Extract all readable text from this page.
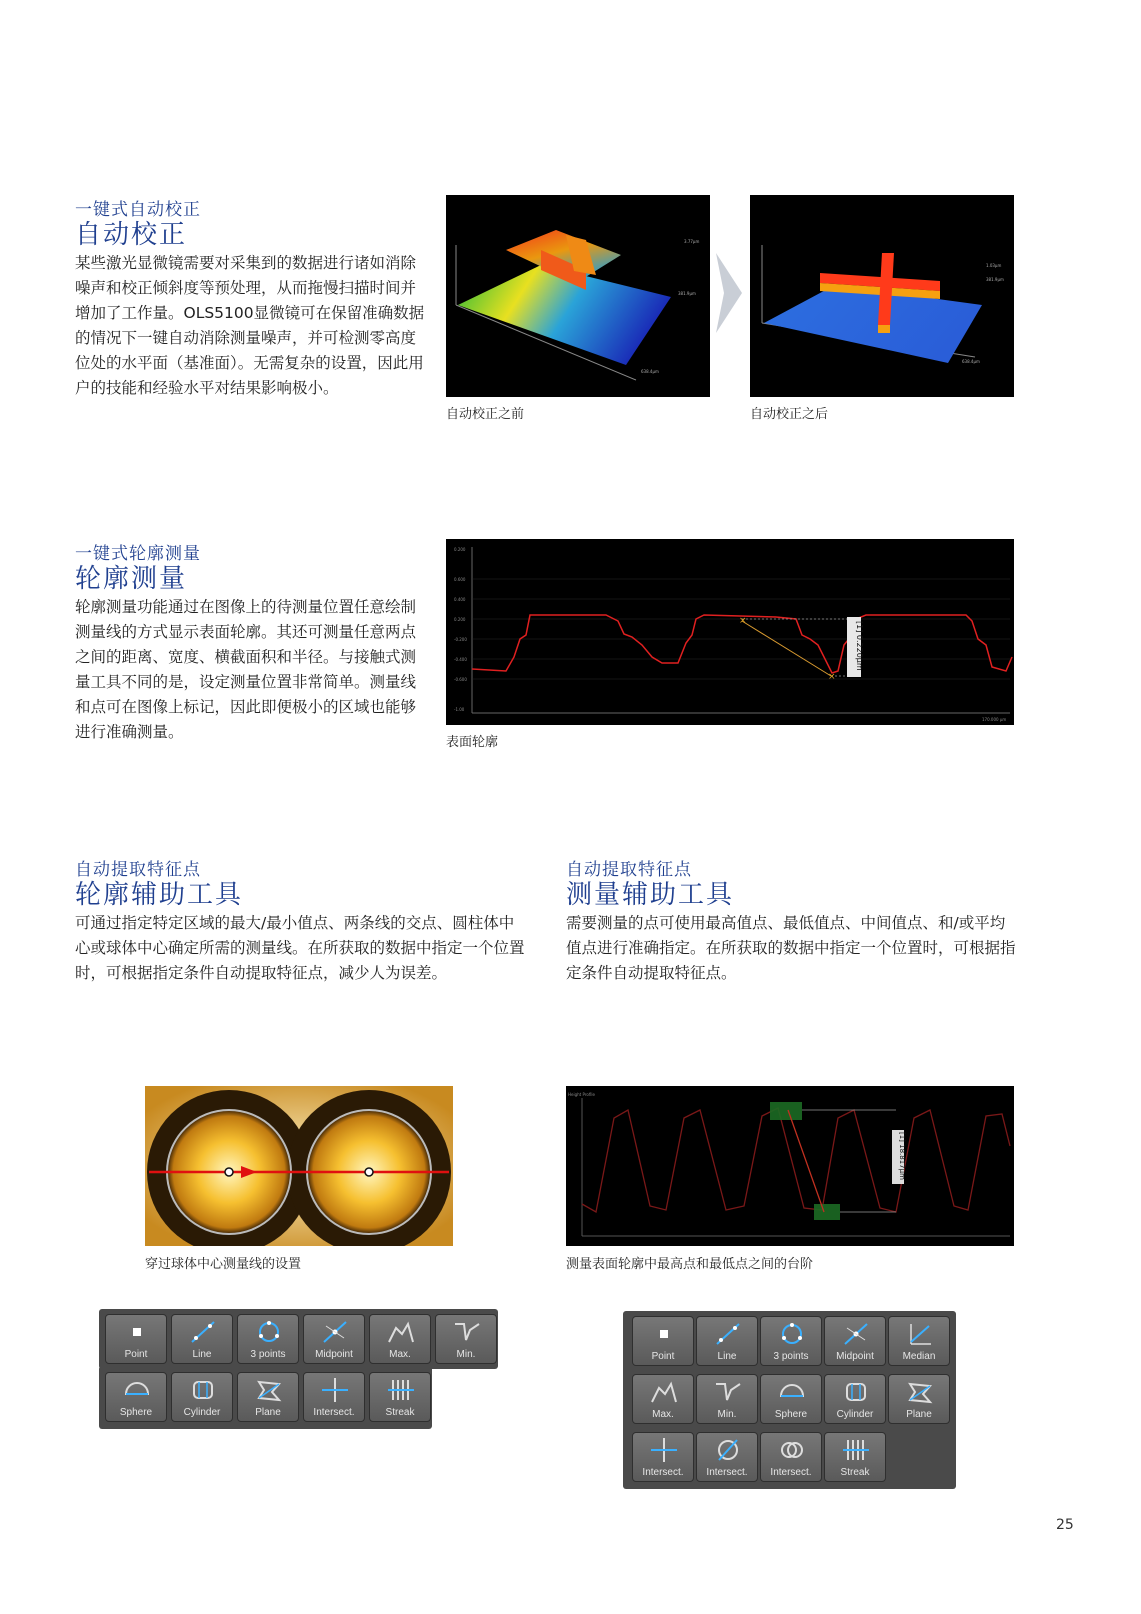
一键式自动校正
自动校正
某些激光显微镜需要对采集到的数据进行诸如消除噪声和校正倾斜度等预处理，从而拖慢扫描时间并增加了工作量。OLS5100显微镜可在保留准确数据的情况下一键自动消除测量噪声，并可检测零高度位处的水平面（基准面）。无需复杂的设置，因此用户的技能和经验水平对结果影响极小。
3.77μm
381.9μm
638.4μm
1.03μm
381.9μm
638.4μm
自动校正之前	自动校正之后
一键式轮廓测量
轮廓测量
轮廓测量功能通过在图像上的待测量位置任意绘制测量线的方式显示表面轮廓。其还可测量任意两点之间的距离、宽度、横截面积和半径。与接触式测量工具不同的是，设定测量位置非常简单。测量线和点可在图像上标记，因此即便极小的区域也能够进行准确测量。
×
×
[1] 0.220μm
0.200
0.600
0.400
0.200
-0.200
-0.400
-0.600
-1.00
170.000 μm
表面轮廓
自动提取特征点
轮廓辅助工具
可通过指定特定区域的最大/最小值点、两条线的交点、圆柱体中心或球体中心确定所需的测量线。在所获取的数据中指定一个位置时，可根据指定条件自动提取特征点，减少人为误差。
自动提取特征点
测量辅助工具
需要测量的点可使用最高值点、最低值点、中间值点、和/或平均值点进行准确指定。在所获取的数据中指定一个位置时，可根据指定条件自动提取特征点。
穿过球体中心测量线的设置
[1] 18.817μm
Height Profile
测量表面轮廓中最高点和最低点之间的台阶
Point	Line	3 points	Midpoint	Max.	Min.
Sphere	Cylinder	Plane	Intersect.	Streak
Point	Line	3 points	Midpoint	Median
Max.	Min.	Sphere	Cylinder	Plane
Intersect.	Intersect.	Intersect.	Streak
25
